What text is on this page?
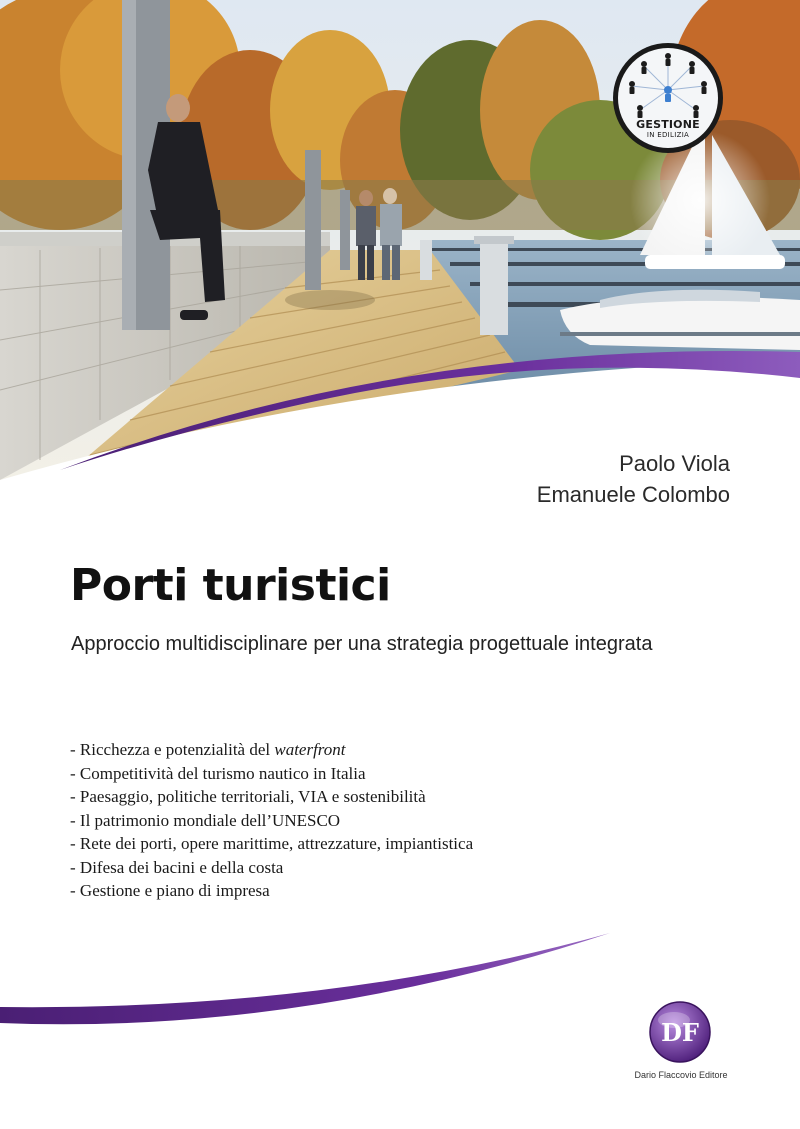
GESTIONE
IN EDILIZIA
Paolo Viola
Emanuele Colombo
Porti turistici

Approccio multidisciplinare per una strategia progettuale integrata

- Ricchezza e potenzialità del waterfront
- Competitività del turismo nautico in Italia
- Paesaggio, politiche territoriali, VIA e sostenibilità
- Il patrimonio mondiale dell’UNESCO
- Rete dei porti, opere marittime, attrezzature, impiantistica
- Difesa dei bacini e della costa
- Gestione e piano di impresa
DF
Dario Flaccovio Editore
